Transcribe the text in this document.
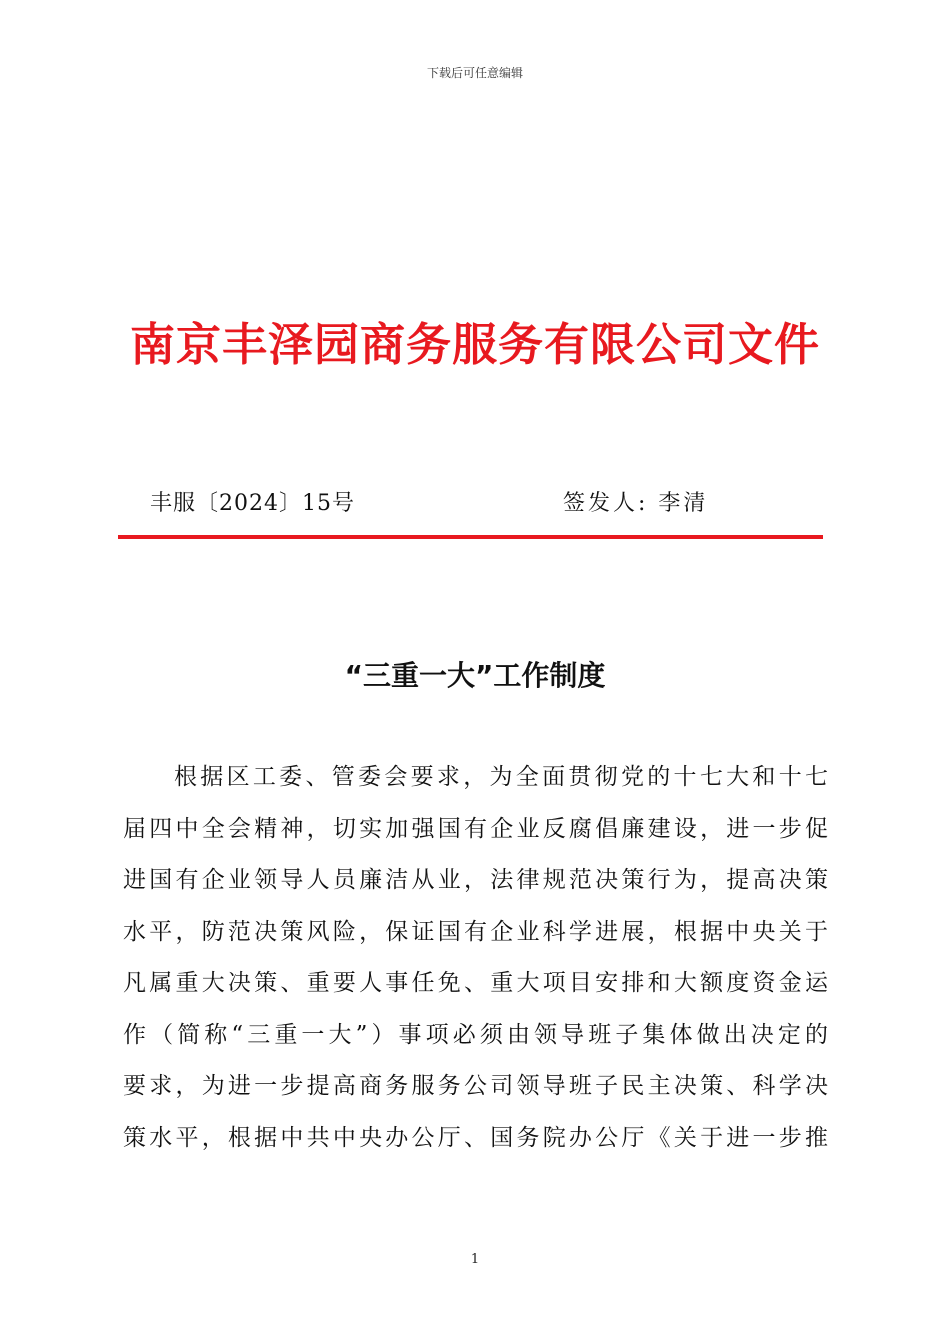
下载后可任意编辑
南京丰泽园商务服务有限公司文件
丰服〔2024〕15号	签发人: 李清
“三重一大”工作制度
根据区工委、管委会要求，为全面贯彻党的十七大和十七
届四中全会精神，切实加强国有企业反腐倡廉建设，进一步促
进国有企业领导人员廉洁从业，法律规范决策行为，提高决策
水平，防范决策风险，保证国有企业科学进展，根据中央关于
凡属重大决策、重要人事任免、重大项目安排和大额度资金运
作（简称“三重一大”）事项必须由领导班子集体做出决定的
要求，为进一步提高商务服务公司领导班子民主决策、科学决
策水平，根据中共中央办公厅、国务院办公厅《关于进一步推
1
